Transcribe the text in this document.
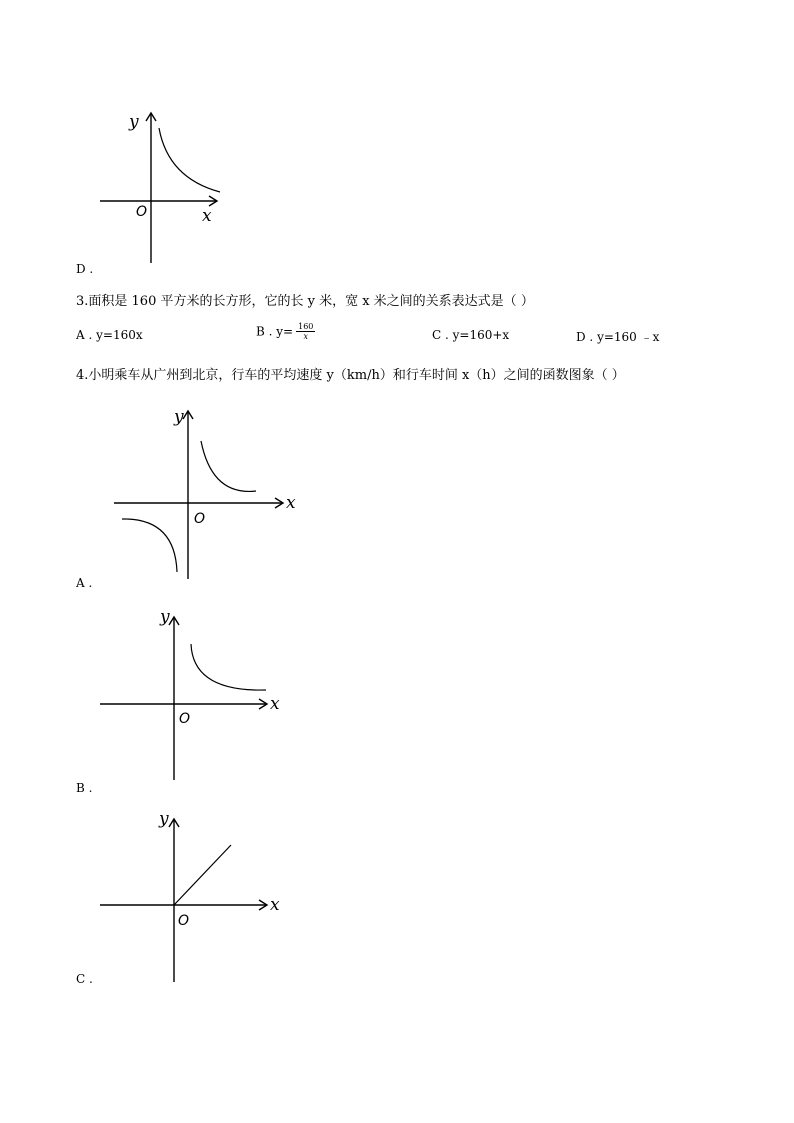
y
x
O
D .
3.面积是 160 平方米的长方形，它的长 y 米，宽 x 米之间的关系表达式是（ ）
A . y=160x	B . $y= \frac{160}{x}$	C . y=160+x	D . y=160 ﹣x
4.小明乘车从广州到北京，行车的平均速度 y（km/h）和行车时间 x（h）之间的函数图象（ ）
y
x
O
A .
y
x
O
B .
y
x
O
C .
